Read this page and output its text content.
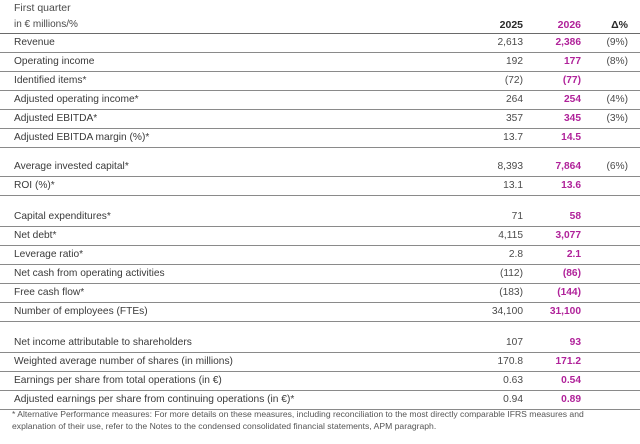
First quarter
in € millions/%	2025	2026	Δ%
Revenue	2,613	2,386 (9%)
Operating income	192	177 (8%)
Identified items*	(72)	(77)
Adjusted operating income*	264	254 (4%)
Adjusted EBITDA*	357	345 (3%)
Adjusted EBITDA margin (%)*	13.7	14.5
Average invested capital*	8,393	7,864 (6%)
ROI (%)*	13.1	13.6
Capital expenditures*	71	58
Net debt*	4,115	3,077
Leverage ratio*	2.8	2.1
Net cash from operating activities	(112)	(86)
Free cash flow*	(183)	(144)
Number of employees (FTEs)	34,100	31,100
Net income attributable to shareholders	107	93
Weighted average number of shares (in millions)	170.8	171.2
Earnings per share from total operations (in €)	0.63	0.54
Adjusted earnings per share from continuing operations (in €)*	0.94	0.89
* Alternative Performance measures: For more details on these measures, including reconciliation to the most directly comparable IFRS measures and explanation of their use, refer to the Notes to the condensed consolidated financial statements, APM paragraph.
